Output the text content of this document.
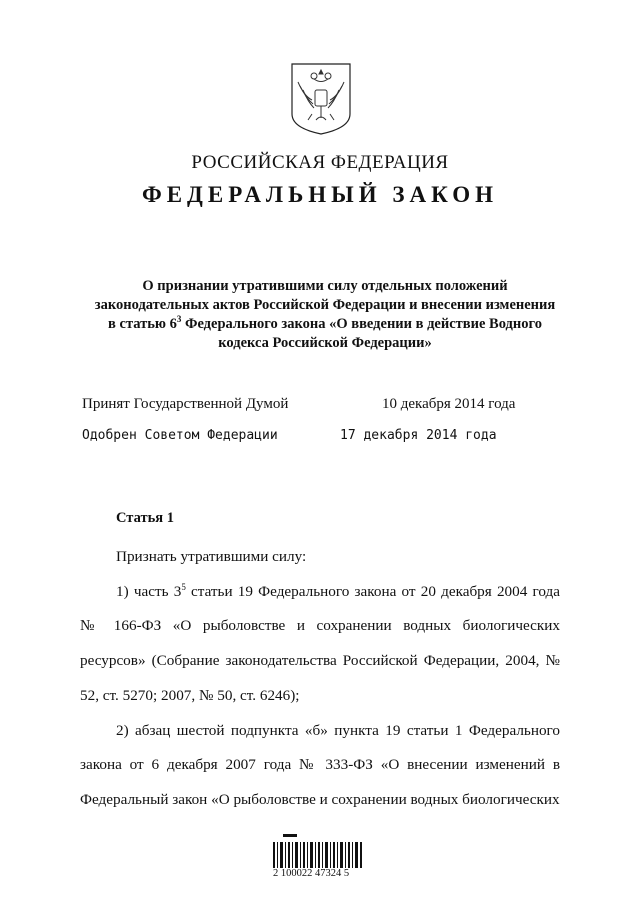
РОССИЙСКАЯ ФЕДЕРАЦИЯ
ФЕДЕРАЛЬНЫЙ ЗАКОН
О признании утратившими силу отдельных положений
законодательных актов Российской Федерации и внесении изменения
в статью $6^3$ Федерального закона «О введении в действие Водного
кодекса Российской Федерации»
Принят Государственной Думой	10 декабря 2014 года
Одобрен Советом Федерации	17 декабря 2014 года
Статья 1

Признать утратившими силу:

1) часть $3^5$ статьи 19 Федерального закона от 20 декабря 2004 года № 166-ФЗ «О рыболовстве и сохранении водных биологических ресурсов» (Собрание законодательства Российской Федерации, 2004, № 52, ст. 5270; 2007, № 50, ст. 6246);

2) абзац шестой подпункта «б» пункта 19 статьи 1 Федерального закона от 6 декабря 2007 года № 333-ФЗ «О внесении изменений в Федеральный закон «О рыболовстве и сохранении водных биологических

2 100022 47324 5
